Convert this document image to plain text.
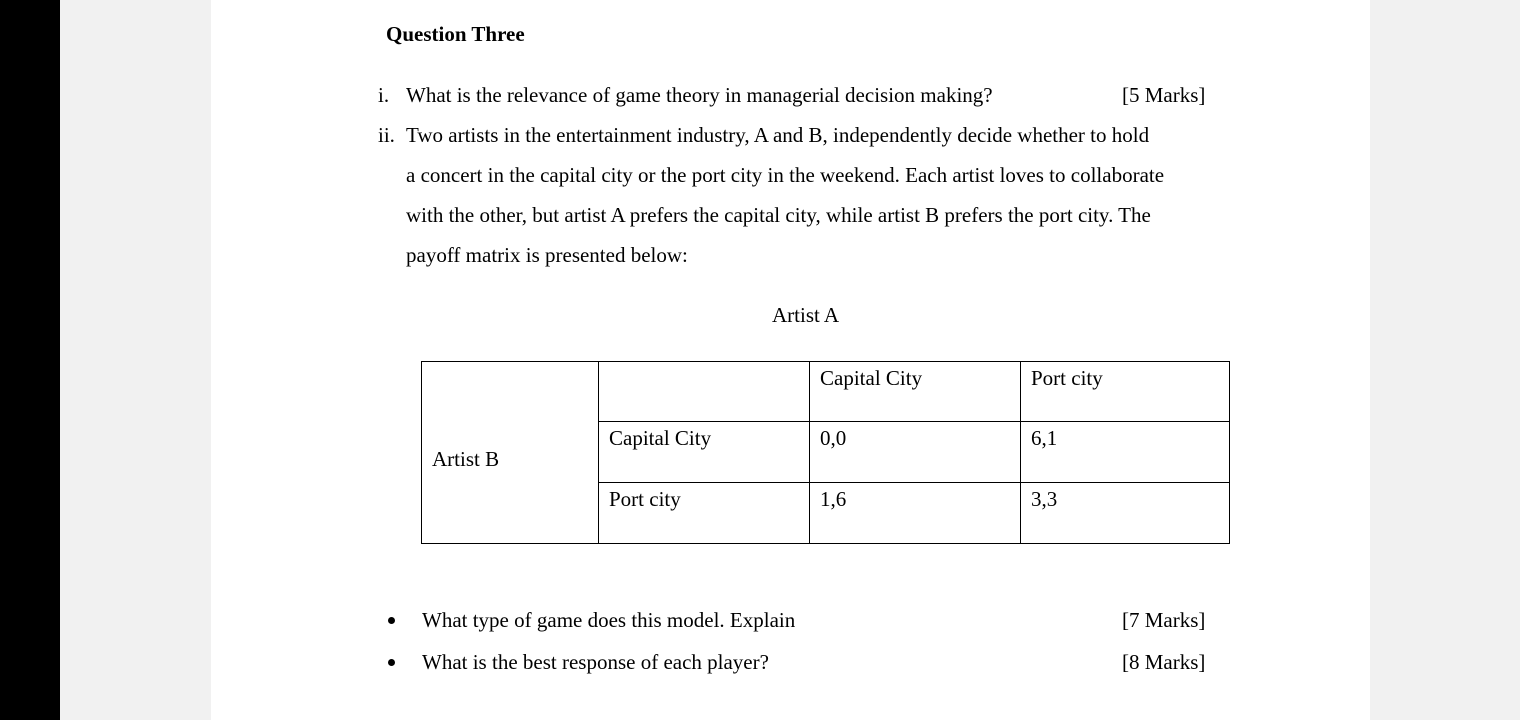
Question Three
i. What is the relevance of game theory in managerial decision making?	[5 Marks]
ii. Two artists in the entertainment industry, A and B, independently decide whether to hold
a concert in the capital city or the port city in the weekend. Each artist loves to collaborate
with the other, but artist A prefers the capital city, while artist B prefers the port city. The
payoff matrix is presented below:
Artist A
Artist B		Capital City	Port city
	Capital City	0,0	6,1
	Port city	1,6	3,3
What type of game does this model. Explain	[7 Marks]
What is the best response of each player?	[8 Marks]
